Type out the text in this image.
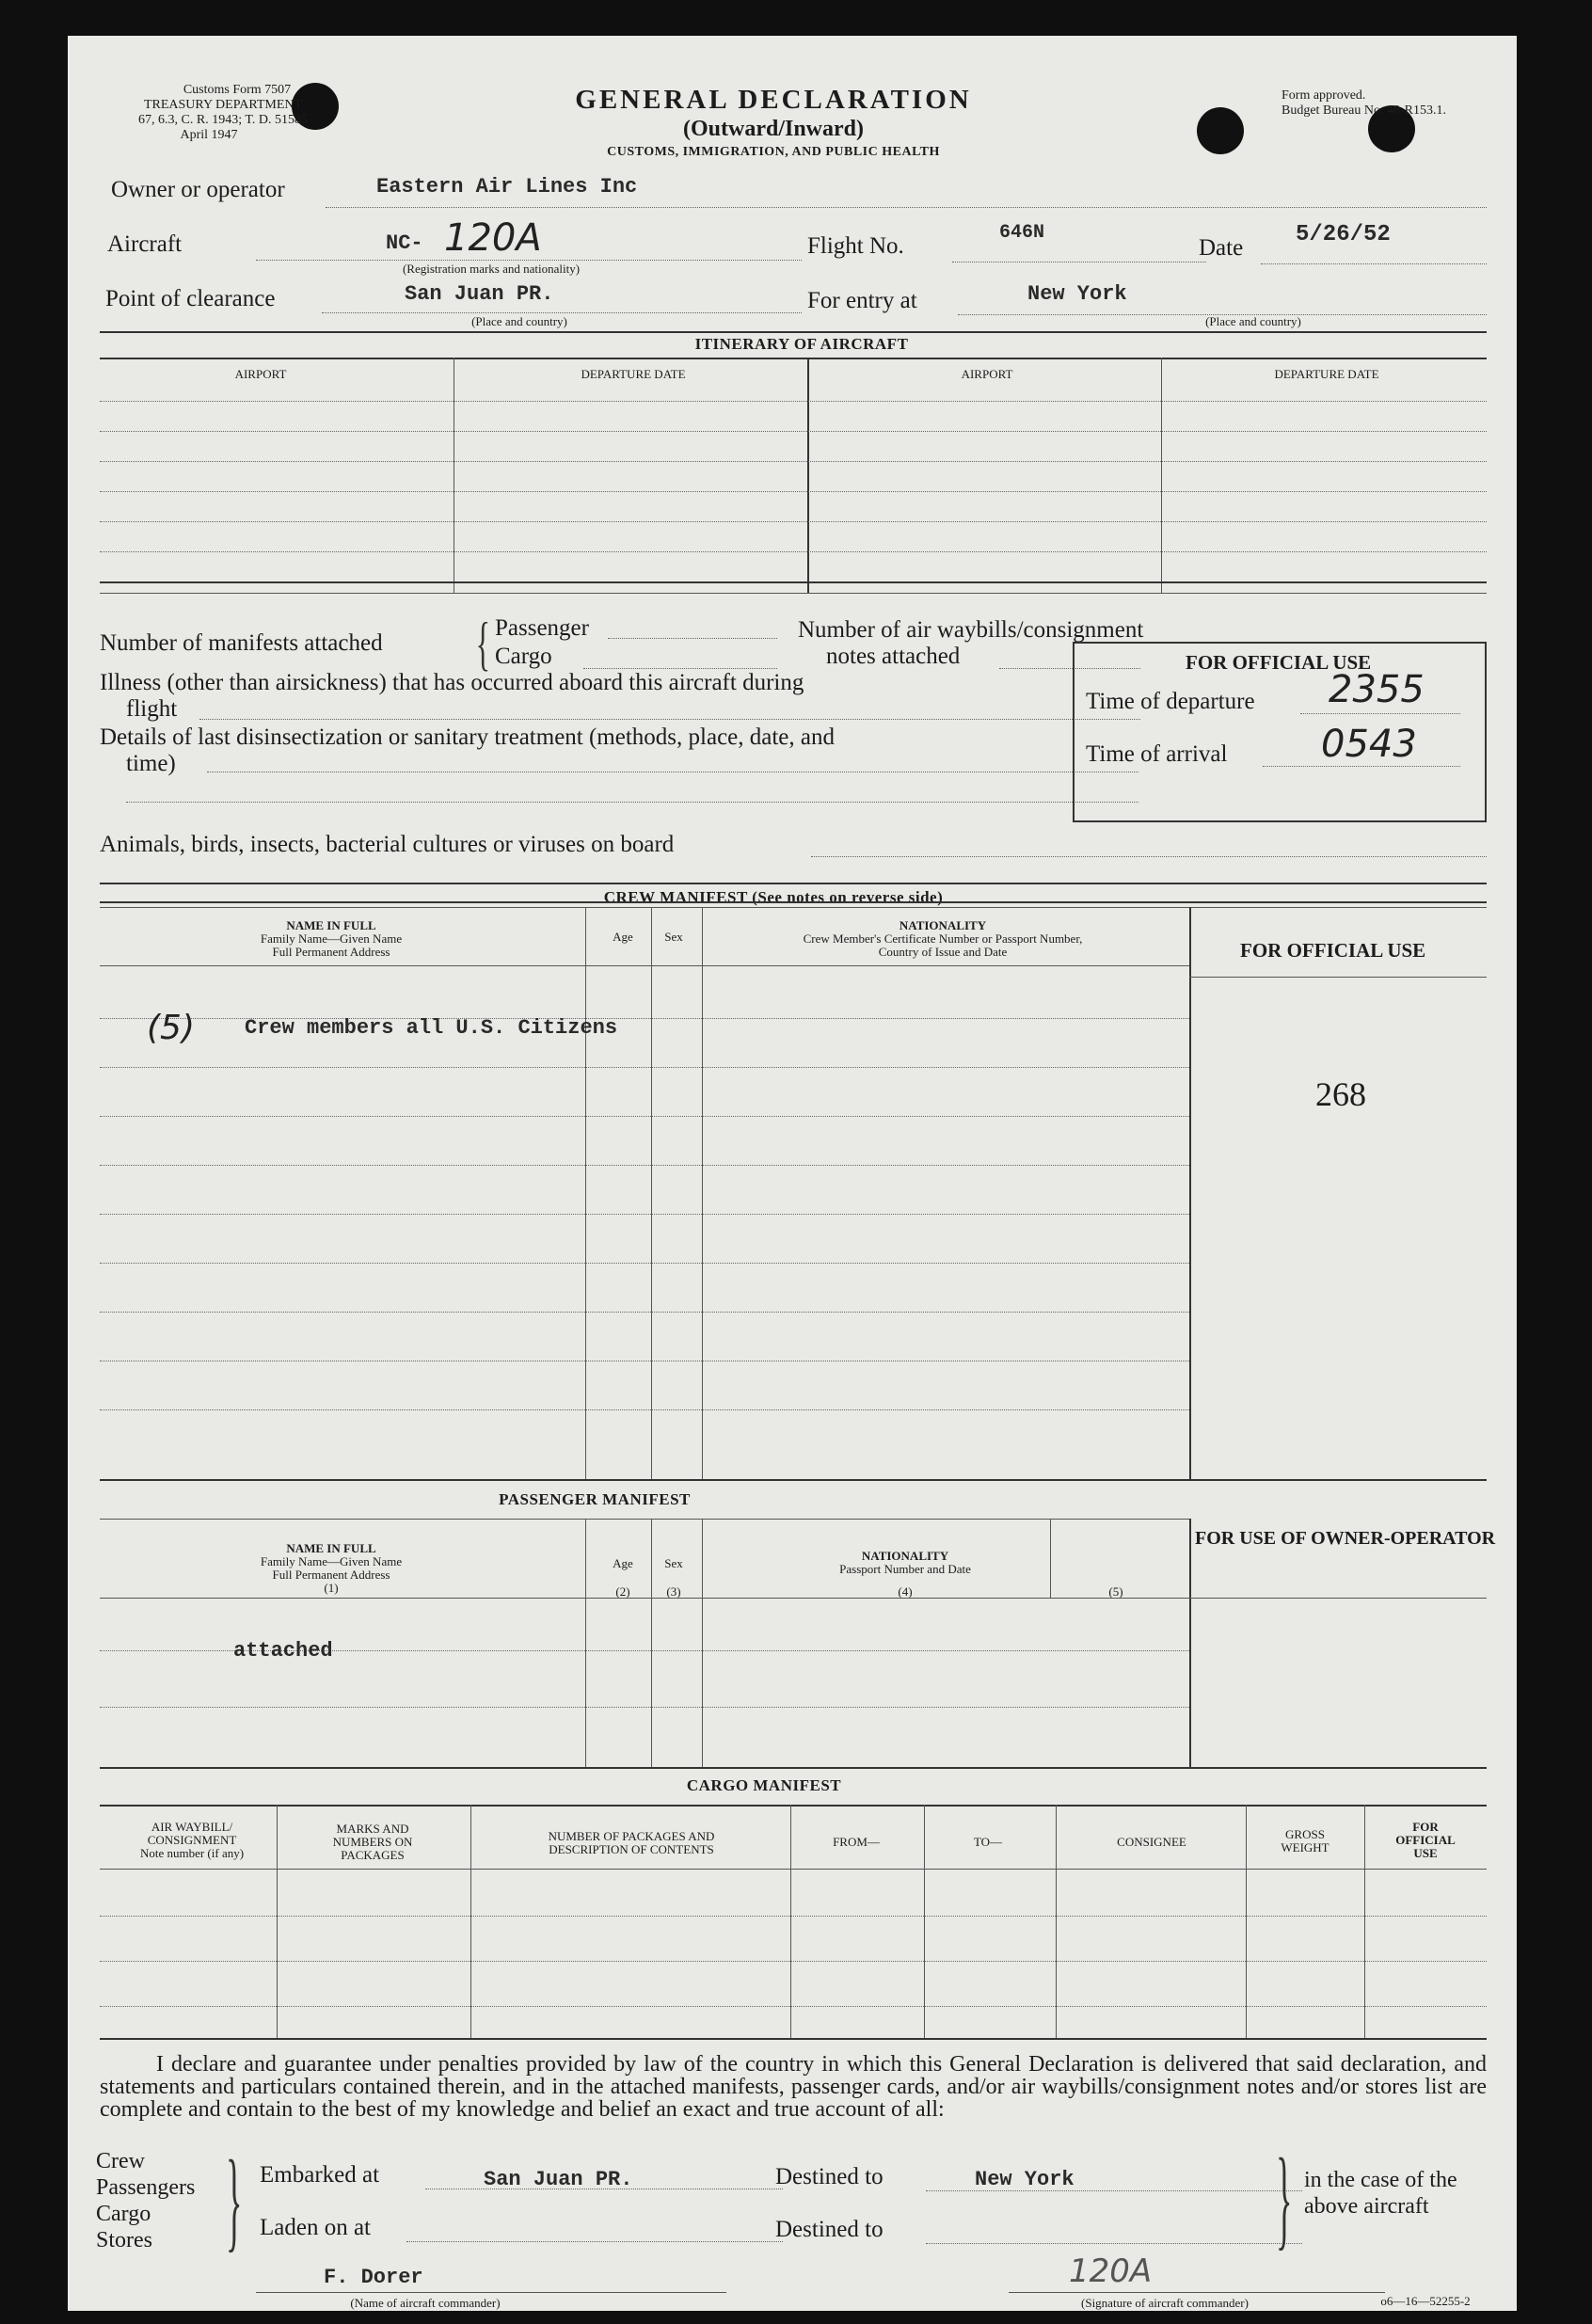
Customs Form 7507
TREASURY DEPARTMENT
67, 6.3, C. R. 1943; T. D. 51585
April 1947
GENERAL DECLARATION
(Outward/Inward)
CUSTOMS, IMMIGRATION, AND PUBLIC HEALTH
Form approved.
Budget Bureau No. 48-R153.1.
Owner or operator	Eastern Air Lines Inc
Aircraft	NC- 120A
(Registration marks and nationality)
Flight No.
646N
Date
5/26/52
Point of clearance	San Juan PR.
(Place and country)
For entry at	New York
(Place and country)
ITINERARY OF AIRCRAFT
AIRPORT	DEPARTURE DATE	AIRPORT	DEPARTURE DATE
Number of manifests attached { Passenger
Cargo
Number of air waybills/consignment
notes attached
Illness (other than airsickness) that has occurred aboard this aircraft during
flight
Details of last disinsectization or sanitary treatment (methods, place, date, and
time)
Animals, birds, insects, bacterial cultures or viruses on board
FOR OFFICIAL USE
Time of departure 2355
Time of arrival 0543
CREW MANIFEST (See notes on reverse side)
NAME IN FULL
Family Name—Given Name
Full Permanent Address
Age	Sex
NATIONALITY
Crew Member's Certificate Number or Passport Number,
Country of Issue and Date	FOR OFFICIAL USE
(5) Crew members all U.S. Citizens
268
PASSENGER MANIFEST
NAME IN FULL
Family Name—Given Name
Full Permanent Address
(1)
Age
(2)
Sex
(3)
NATIONALITY
Passport Number and Date
(4)	(5)
FOR USE OF OWNER-OPERATOR
attached
CARGO MANIFEST
AIR WAYBILL/
CONSIGNMENT
Note number (if any)
MARKS AND
NUMBERS ON
PACKAGES
NUMBER OF PACKAGES AND
DESCRIPTION OF CONTENTS
FROM—	TO—	CONSIGNEE
GROSS
WEIGHT
FOR
OFFICIAL
USE
I declare and guarantee under penalties provided by law of the country in which this General Declaration is delivered that said declaration, and statements and particulars contained therein, and in the attached manifests, passenger cards, and/or air waybills/consignment notes and/or stores list are complete and contain to the best of my knowledge and belief an exact and true account of all:
Crew
Passengers
Cargo
Stores } Embarked at	San Juan PR.	Destined to	New York
Laden on at	Destined to	} in the case of the
above aircraft
F. Dorer
(Name of aircraft commander)
120A
(Signature of aircraft commander)	o6—16—52255-2
